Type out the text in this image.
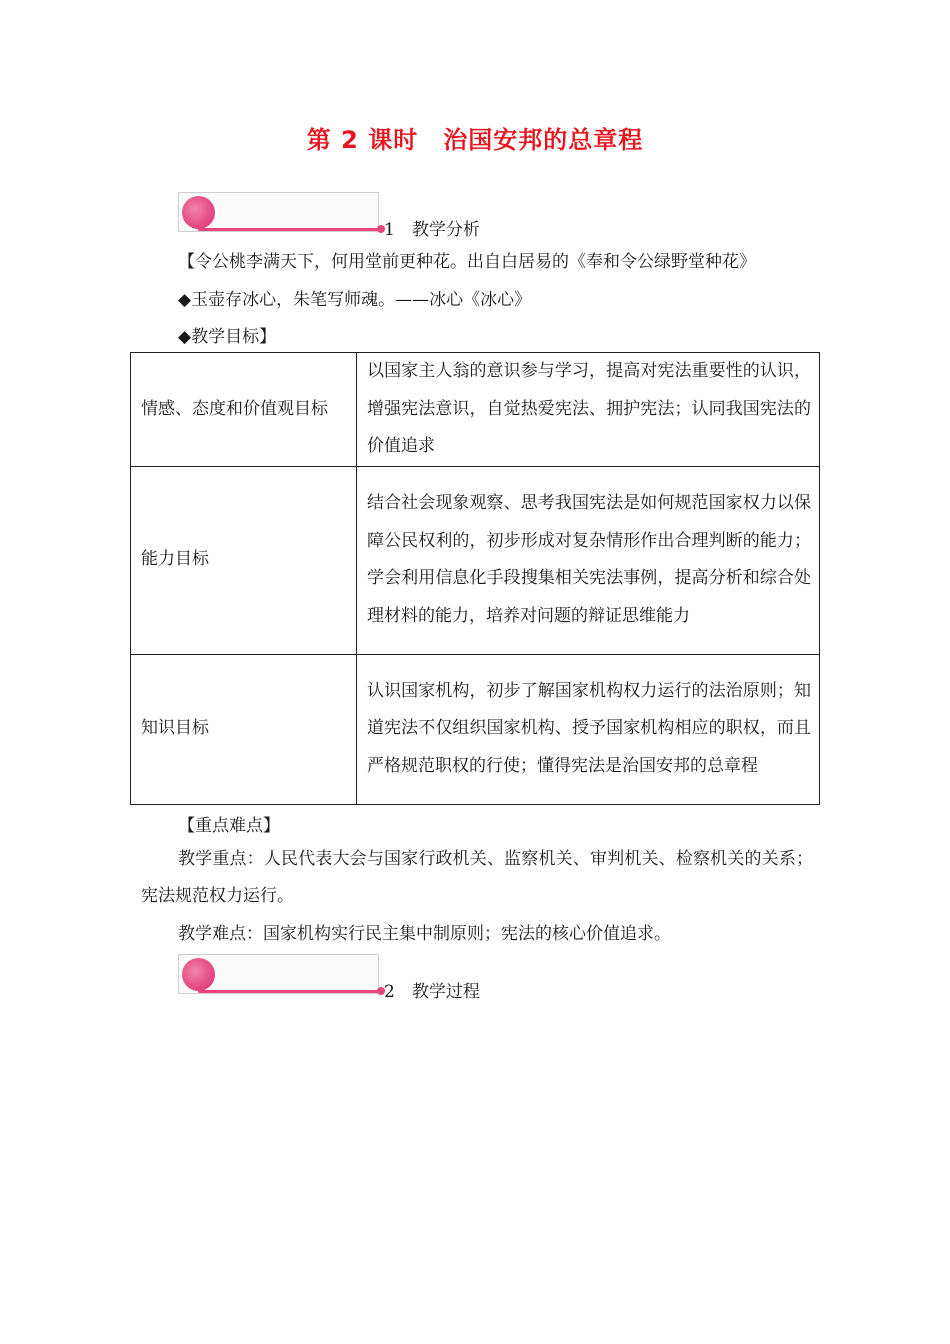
第 2 课时　治国安邦的总章程
1　 教学分析
【令公桃李满天下，何用堂前更种花。出自白居易的《奉和令公绿野堂种花》
◆玉壶存冰心，朱笔写师魂。——冰心《冰心》
◆教学目标】
情感、态度和价值观目标	以国家主人翁的意识参与学习，提高对宪法重要性的认识，增强宪法意识，自觉热爱宪法、拥护宪法；认同我国宪法的价值追求
能力目标	结合社会现象观察、思考我国宪法是如何规范国家权力以保障公民权利的，初步形成对复杂情形作出合理判断的能力；学会利用信息化手段搜集相关宪法事例，提高分析和综合处理材料的能力，培养对问题的辩证思维能力
知识目标	认识国家机构，初步了解国家机构权力运行的法治原则；知道宪法不仅组织国家机构、授予国家机构相应的职权，而且严格规范职权的行使；懂得宪法是治国安邦的总章程
【重点难点】
教学重点：人民代表大会与国家行政机关、监察机关、审判机关、检察机关的关系；宪法规范权力运行。
教学难点：国家机构实行民主集中制原则；宪法的核心价值追求。
2　 教学过程
